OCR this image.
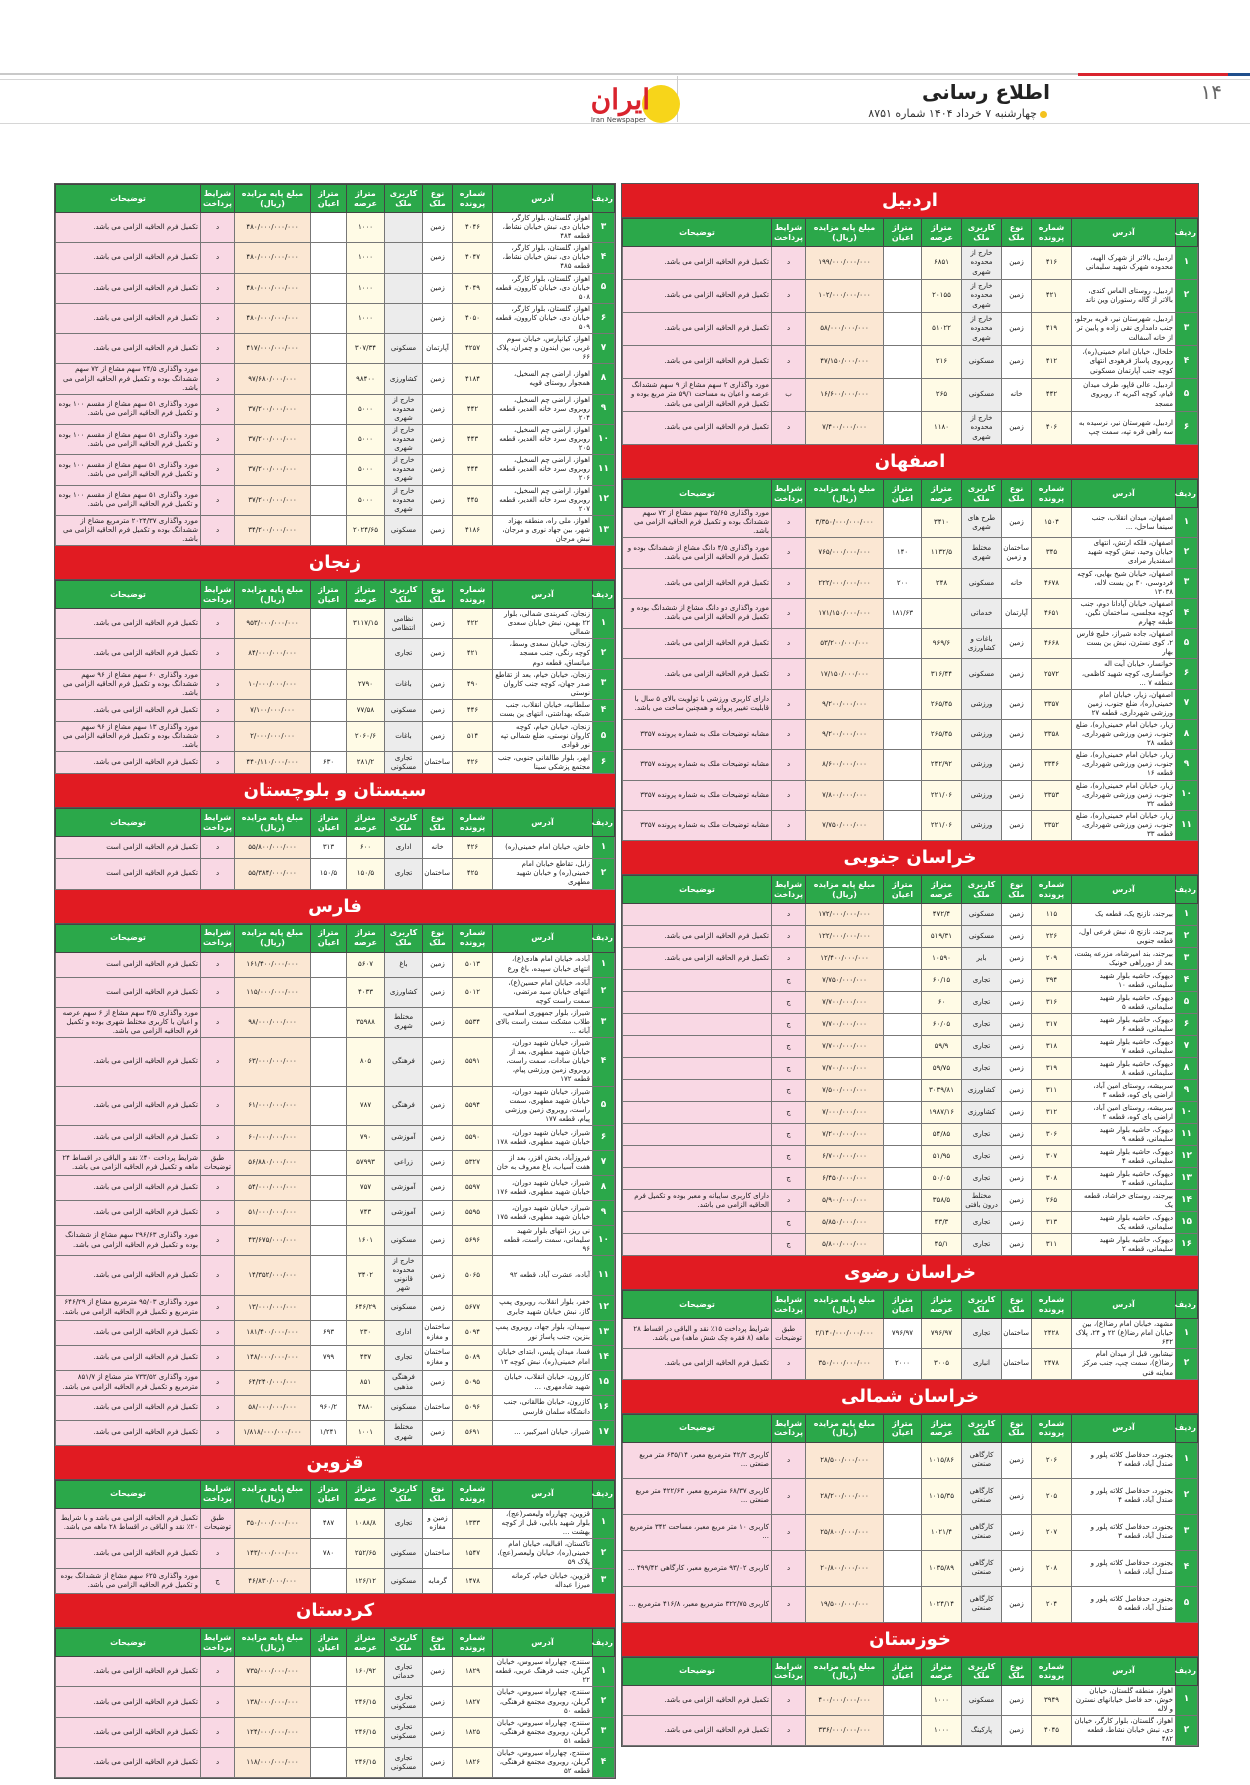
۱۴
اطلاع رسانی
چهارشنبه ۷ خرداد ۱۴۰۴ شماره ۸۷۵۱
ایران
Iran Newspaper
اردبیل
ردیف	آدرس	شماره پرونده	نوع ملک	کاربری ملک	متراژ عرصه	متراژ اعیان	مبلغ پایه مزایده (ریال)	شرایط پرداخت	توضیحات
۱	اردبیل، بالاتر از شهرک الهیه، محدوده شهرک شهید سلیمانی	۴۱۶	زمین	خارج از محدوده شهری	۶۸۵۱		۱۹۹/۰۰۰/۰۰۰/۰۰۰	د	تکمیل فرم الحاقیه الزامی می باشد.
۲	اردبیل، روستای الماس کندی، بالاتر از گاله رستوران وین ناند	۴۲۱	زمین	خارج از محدوده شهری	۲۰۱۵۵		۱۰۲/۰۰۰/۰۰۰/۰۰۰	د	تکمیل فرم الحاقیه الزامی می باشد.
۳	اردبیل، شهرستان نیر، قریه برجلو، جنب دامداری نقی زاده و پایین تر از خانه آسفالت	۴۱۹	زمین	خارج از محدوده شهری	۵۱۰۲۲		۵۸/۰۰۰/۰۰۰/۰۰۰	د	تکمیل فرم الحاقیه الزامی می باشد.
۴	خلخال، خیابان امام خمینی(ره)، روبروی پاساژ فرهودی انتهای کوچه جنب آپارتمان مسکونی	۴۱۲	زمین	مسکونی	۲۱۶		۴۷/۱۵۰/۰۰۰/۰۰۰	د	تکمیل فرم الحاقیه الزامی می باشد.
۵	اردبیل، عالی قاپو، طرف میدان قیام، کوچه اکبریه ۲، روبروی مسجد	۴۴۲	خانه	مسکونی	۲۶۵		۱۶/۶۰۰/۰۰۰/۰۰۰	ب	مورد واگذاری ۲ سهم مشاع از ۹ سهم ششدانگ عرصه و اعیان به مساحت ۵۹/۱ متر مربع بوده و تکمیل فرم الحاقیه الزامی می باشد.
۶	اردبیل، شهرستان نیر، نرسیده به سه راهی قره تپه، سمت چپ	۴۰۶	زمین	خارج از محدوده شهری	۱۱۸۰		۷/۴۰۰/۰۰۰/۰۰۰	د	تکمیل فرم الحاقیه الزامی می باشد.
اصفهان
ردیف	آدرس	شماره پرونده	نوع ملک	کاربری ملک	متراژ عرصه	متراژ اعیان	مبلغ پایه مزایده (ریال)	شرایط پرداخت	توضیحات
۱	اصفهان، میدان انقلاب، جنب سینما ساحل، ...	۱۵۰۴	زمین	طرح های شهری	۳۴۱۰		۳/۳۵۰/۰۰۰/۰۰۰/۰۰۰	د	مورد واگذاری ۲۵/۶۵ سهم مشاع از ۷۲ سهم ششدانگ بوده و تکمیل فرم الحاقیه الزامی می باشد.
۲	اصفهان، فلکه ارتش، انتهای خیابان وحید، نبش کوچه شهید اسفندیار مرادی	۳۴۵	ساختمان و زمین	مختلط شهری	۱۱۳۲/۵	۱۴۰	۷۶۵/۰۰۰/۰۰۰/۰۰۰	د	مورد واگذاری ۴/۵ دانگ مشاع از ششدانگ بوده و تکمیل فرم الحاقیه الزامی می باشد.
۳	اصفهان، خیابان شیخ بهایی، کوچه فردوسی، ۳۰ بن بست لاله، ۱۳۰۳۸	۴۶۷۸	خانه	مسکونی	۲۴۸	۲۰۰	۲۲۲/۰۰۰/۰۰۰/۰۰۰	د	تکمیل فرم الحاقیه الزامی می باشد.
۴	اصفهان، خیابان آپادانا دوم، جنب کوچه مجلسی، ساختمان نگین، طبقه چهارم	۴۶۵۱	آپارتمان	خدماتی		۱۸۱/۶۳	۱۷۱/۱۵۰/۰۰۰/۰۰۰	د	مورد واگذاری دو دانگ مشاع از ششدانگ بوده و تکمیل فرم الحاقیه الزامی می باشد.
۵	اصفهان، جاده شیراز، خلیج فارس ۲، کوی نسترن، نبش بن بست بهار	۴۶۶۸	زمین	باغات و کشاورزی	۹۶۹/۶		۵۳/۲۰۰/۰۰۰/۰۰۰	د	تکمیل فرم الحاقیه الزامی می باشد.
۶	خوانسار، خیابان آیت اله خوانساری، کوچه شهید کاظمی، منطقه ۷ ...	۲۵۷۲	زمین	مسکونی	۳۱۶/۴۴		۱۷/۱۵۰/۰۰۰/۰۰۰	د	تکمیل فرم الحاقیه الزامی می باشد.
۷	اصفهان، زیار، خیابان امام خمینی(ره)، ضلع جنوب، زمین ورزشی شهرداری، قطعه ۲۷	۳۳۵۷	زمین	ورزشی	۲۶۵/۴۵		۹/۲۰۰/۰۰۰/۰۰۰	د	دارای کاربری ورزشی با تولویت بالای ۵ سال با قابلیت تغییر پروانه و همچنین ساخت می باشد.
۸	زیار، خیابان امام خمینی(ره)، ضلع جنوب، زمین ورزشی شهرداری، قطعه ۲۸	۳۳۵۸	زمین	ورزشی	۲۶۵/۴۵		۹/۲۰۰/۰۰۰/۰۰۰	د	مشابه توضیحات ملک به شماره پرونده ۳۳۵۷
۹	زیار، خیابان امام خمینی(ره)، ضلع جنوب، زمین ورزشی شهرداری، قطعه ۱۶	۳۳۴۶	زمین	ورزشی	۲۴۲/۹۲		۸/۶۰۰/۰۰۰/۰۰۰	د	مشابه توضیحات ملک به شماره پرونده ۳۳۵۷
۱۰	زیار، خیابان امام خمینی(ره)، ضلع جنوب، زمین ورزشی شهرداری، قطعه ۳۲	۳۳۵۳	زمین	ورزشی	۲۲۱/۰۶		۷/۸۰۰/۰۰۰/۰۰۰	د	مشابه توضیحات ملک به شماره پرونده ۳۳۵۷
۱۱	زیار، خیابان امام خمینی(ره)، ضلع جنوب، زمین ورزشی شهرداری، قطعه ۳۳	۳۳۵۲	زمین	ورزشی	۲۲۱/۰۶		۷/۷۵۰/۰۰۰/۰۰۰	د	مشابه توضیحات ملک به شماره پرونده ۳۳۵۷
خراسان جنوبی
ردیف	آدرس	شماره پرونده	نوع ملک	کاربری ملک	متراژ عرصه	متراژ اعیان	مبلغ پایه مزایده (ریال)	شرایط پرداخت	توضیحات
۱	بیرجند، نازنج یک، قطعه یک	۱۱۵	زمین	مسکونی	۴۷۲/۴		۱۷۲/۰۰۰/۰۰۰/۰۰۰	د	
۲	بیرجند، نازنج ۵، نبش فرعی اول، قطعه جنوبی	۲۲۶	زمین	مسکونی	۵۱۹/۳۱		۱۲۲/۰۰۰/۰۰۰/۰۰۰	د	تکمیل فرم الحاقیه الزامی می باشد.
۳	بیرجند، بند امیرشاه، مزرعه پشت، بعد از دورراهی خونیک	۲۰۹	زمین	بایر	۱۰۵۹۰		۱۲/۴۰۰/۰۰۰/۰۰۰	د	تکمیل فرم الحاقیه الزامی می باشد.
۴	دیهوک، حاشیه بلوار شهید سلیمانی، قطعه ۱۰	۳۹۴	زمین	تجاری	۶۰/۱۵		۷/۷۵۰/۰۰۰/۰۰۰	ج	
۵	دیهوک، حاشیه بلوار شهید سلیمانی، قطعه ۵	۳۱۶	زمین	تجاری	۶۰		۷/۷۰۰/۰۰۰/۰۰۰	ج	
۶	دیهوک، حاشیه بلوار شهید سلیمانی، قطعه ۶	۳۱۷	زمین	تجاری	۶۰/۰۵		۷/۷۰۰/۰۰۰/۰۰۰	ج	
۷	دیهوک، حاشیه بلوار شهید سلیمانی، قطعه ۷	۳۱۸	زمین	تجاری	۵۹/۹		۷/۷۰۰/۰۰۰/۰۰۰	ج	
۸	دیهوک، حاشیه بلوار شهید سلیمانی، قطعه ۸	۳۱۹	زمین	تجاری	۵۹/۷۵		۷/۷۰۰/۰۰۰/۰۰۰	ج	
۹	سربیشه، روستای امین آباد، اراضی پای کوه، قطعه ۳	۳۱۱	زمین	کشاورزی	۳۰۳۹/۸۱		۷/۵۰۰/۰۰۰/۰۰۰	ج	
۱۰	سربیشه، روستای امین آباد، اراضی پای کوه، قطعه ۲	۳۱۲	زمین	کشاورزی	۱۹۸۷/۱۶		۷/۰۰۰/۰۰۰/۰۰۰	ج	
۱۱	دیهوک، حاشیه بلوار شهید سلیمانی، قطعه ۹	۳۰۶	زمین	تجاری	۵۴/۸۵		۷/۲۰۰/۰۰۰/۰۰۰	ج	
۱۲	دیهوک، حاشیه بلوار شهید سلیمانی، قطعه ۴	۳۰۷	زمین	تجاری	۵۱/۹۵		۶/۷۰۰/۰۰۰/۰۰۰	ج	
۱۳	دیهوک، حاشیه بلوار شهید سلیمانی، قطعه ۳	۳۰۸	زمین	تجاری	۵۰/۰۵		۶/۴۵۰/۰۰۰/۰۰۰	ج	
۱۴	بیرجند، روستای خراشاد، قطعه یک	۲۶۵	زمین	مختلط درون بافتی	۳۵۸/۵		۵/۹۰۰/۰۰۰/۰۰۰	د	دارای کاربری سایبانه و معبر بوده و تکمیل فرم الحاقیه الزامی می باشد.
۱۵	دیهوک، حاشیه بلوار شهید سلیمانی، قطعه یک	۳۱۳	زمین	تجاری	۴۳/۳		۵/۸۵۰/۰۰۰/۰۰۰	ج	
۱۶	دیهوک، حاشیه بلوار شهید سلیمانی، قطعه ۲	۳۱۱	زمین	تجاری	۴۵/۱		۵/۸۰۰/۰۰۰/۰۰۰	ج	
خراسان رضوی
ردیف	آدرس	شماره پرونده	نوع ملک	کاربری ملک	متراژ عرصه	متراژ اعیان	مبلغ پایه مزایده (ریال)	شرایط پرداخت	توضیحات
۱	مشهد، خیابان امام رضا(ع)، بین خیابان امام رضا(ع) ۲۲ و ۲۴، پلاک ۶۴۲	۲۴۲۸	ساختمان	تجاری	۷۹۶/۹۷	۷۹۶/۹۷	۲/۱۴۰/۰۰۰/۰۰۰/۰۰۰	طبق توضیحات	شرایط پرداخت ۱۵٪ نقد و الباقی در اقساط ۲۸ ماهه (۸ فقره چک شش ماهه) می باشد.
۲	نیشابور، قبل از میدان امام رضا(ع)، سمت چپ، جنب مرکز معاینه فنی	۲۴۷۸	ساختمان	انباری	۳۰۰۵	۲۰۰۰	۳۵۰/۰۰۰/۰۰۰/۰۰۰	د	تکمیل فرم الحاقیه الزامی می باشد.
خراسان شمالی
ردیف	آدرس	شماره پرونده	نوع ملک	کاربری ملک	متراژ عرصه	متراژ اعیان	مبلغ پایه مزایده (ریال)	شرایط پرداخت	توضیحات
۱	بجنورد، حدفاصل کلاته پلور و صندل آباد، قطعه ۲	۲۰۶	زمین	کارگاهی صنعتی	۱۰۱۵/۸۶		۲۸/۵۰۰/۰۰۰/۰۰۰	د	کاربری ۴۲/۲ مترمربع معبر، ۶۳۵/۱۴ متر مربع صنعتی ...
۲	بجنورد، حدفاصل کلاته پلور و صندل آباد، قطعه ۴	۲۰۵	زمین	کارگاهی صنعتی	۱۰۱۵/۳۵		۲۸/۲۰۰/۰۰۰/۰۰۰	د	کاربری ۶۸/۳۷ مترمربع معبر، ۴۲۲/۶۳ متر مربع صنعتی ...
۳	بجنورد، حدفاصل کلاته پلور و صندل آباد، قطعه ۳	۲۰۷	زمین	کارگاهی صنعتی	۱۰۲۱/۴		۲۵/۸۰۰/۰۰۰/۰۰۰	د	کاربری ۱۰ متر مربع معبر، مساحت ۳۴۲ مترمربع ...
۴	بجنورد، حدفاصل کلاته پلور و صندل آباد، قطعه ۱	۲۰۸	زمین	کارگاهی صنعتی	۱۰۳۵/۸۹		۲۰/۸۰۰/۰۰۰/۰۰۰	د	کاربری ۹۳/۰۲ مترمربع معبر، کارگاهی ۴۹۹/۴۲ ...
۵	بجنورد، حدفاصل کلاته پلور و صندل آباد، قطعه ۵	۲۰۴	زمین	کارگاهی صنعتی	۱۰۲۴/۱۴		۱۹/۵۰۰/۰۰۰/۰۰۰	د	کاربری ۳۲۲/۷۵ مترمربع معبر، ۴۱۶/۸ مترمربع ...
خوزستان
ردیف	آدرس	شماره پرونده	نوع ملک	کاربری ملک	متراژ عرصه	متراژ اعیان	مبلغ پایه مزایده (ریال)	شرایط پرداخت	توضیحات
۱	اهواز، منطقه گلستان، خیابان خوش، حد فاصل خیابانهای نسترن و لاله	۳۹۴۹	زمین	مسکونی	۱۰۰۰		۴۰۰/۰۰۰/۰۰۰/۰۰۰	د	تکمیل فرم الحاقیه الزامی می باشد.
۲	اهواز، گلستان، بلوار کارگر، خیابان دی، نبش خیابان نشاط، قطعه ۴۸۲	۴۰۴۵	زمین	پارکینگ	۱۰۰۰		۳۳۶/۰۰۰/۰۰۰/۰۰۰	د	تکمیل فرم الحاقیه الزامی می باشد.
ردیف	آدرس	شماره پرونده	نوع ملک	کاربری ملک	متراژ عرصه	متراژ اعیان	مبلغ پایه مزایده (ریال)	شرایط پرداخت	توضیحات
۳	اهواز، گلستان، بلوار کارگر، خیابان دی، نبش خیابان نشاط، قطعه ۴۸۴	۴۰۴۶	زمین		۱۰۰۰		۴۸۰/۰۰۰/۰۰۰/۰۰۰	د	تکمیل فرم الحاقیه الزامی می باشد.
۴	اهواز، گلستان، بلوار کارگر، خیابان دی، نبش خیابان نشاط، قطعه ۴۸۵	۴۰۴۷	زمین		۱۰۰۰		۴۸۰/۰۰۰/۰۰۰/۰۰۰	د	تکمیل فرم الحاقیه الزامی می باشد.
۵	اهواز، گلستان، بلوار کارگر، خیابان دی، خیابان کاروون، قطعه ۵۰۸	۴۰۴۹	زمین		۱۰۰۰		۴۸۰/۰۰۰/۰۰۰/۰۰۰	د	تکمیل فرم الحاقیه الزامی می باشد.
۶	اهواز، گلستان، بلوار کارگر، خیابان دی، خیابان کاروون، قطعه ۵۰۹	۴۰۵۰	زمین		۱۰۰۰		۴۸۰/۰۰۰/۰۰۰/۰۰۰	د	تکمیل فرم الحاقیه الزامی می باشد.
۷	اهواز، کیانپارس، خیابان سوم غربی، بین ایندون و چمران، پلاک ۶۶	۴۲۵۷	آپارتمان	مسکونی	۳۰۷/۳۴		۴۱۷/۰۰۰/۰۰۰/۰۰۰	د	تکمیل فرم الحاقیه الزامی می باشد.
۸	اهواز، اراضی چم السخیل، همجوار روستای قویه	۴۱۸۴	زمین	کشاورزی	۹۸۴۰۰		۹۷/۶۸۰/۰۰۰/۰۰۰	د	مورد واگذاری ۲۴/۵ سهم مشاع از ۷۲ سهم ششدانگ بوده و تکمیل فرم الحاقیه الزامی می باشد.
۹	اهواز، اراضی چم السخیل، روبروی سرد خانه الغدیر، قطعه ۲۰۴	۴۴۲	زمین	خارج از محدوده شهری	۵۰۰۰		۳۷/۲۰۰/۰۰۰/۰۰۰	د	مورد واگذاری ۵۱ سهم مشاع از مقسم ۱۰۰ بوده و تکمیل فرم الحاقیه الزامی می باشد.
۱۰	اهواز، اراضی چم السخیل، روبروی سرد خانه الغدیر، قطعه ۲۰۵	۴۴۳	زمین	خارج از محدوده شهری	۵۰۰۰		۳۷/۲۰۰/۰۰۰/۰۰۰	د	مورد واگذاری ۵۱ سهم مشاع از مقسم ۱۰۰ بوده و تکمیل فرم الحاقیه الزامی می باشد.
۱۱	اهواز، اراضی چم السخیل، روبروی سرد خانه الغدیر، قطعه ۲۰۶	۴۴۴	زمین	خارج از محدوده شهری	۵۰۰۰		۳۷/۲۰۰/۰۰۰/۰۰۰	د	مورد واگذاری ۵۱ سهم مشاع از مقسم ۱۰۰ بوده و تکمیل فرم الحاقیه الزامی می باشد.
۱۲	اهواز، اراضی چم السخیل، روبروی سرد خانه الغدیر، قطعه ۲۰۷	۴۴۵	زمین	خارج از محدوده شهری	۵۰۰۰		۳۷/۲۰۰/۰۰۰/۰۰۰	د	مورد واگذاری ۵۱ سهم مشاع از مقسم ۱۰۰ بوده و تکمیل فرم الحاقیه الزامی می باشد.
۱۳	اهواز، ملی راه، منطقه بهزاد شهر، بین جهاد نوری و مرجان، نبش مرجان	۴۱۸۶	زمین	مسکونی	۲۰۲۴/۶۵		۳۴/۲۰۰/۰۰۰/۰۰۰	د	مورد واگذاری ۲۰۲۴/۳۷ مترمربع مشاع از ششدانگ بوده و تکمیل فرم الحاقیه الزامی می باشد.
زنجان
ردیف	آدرس	شماره پرونده	نوع ملک	کاربری ملک	متراژ عرصه	متراژ اعیان	مبلغ پایه مزایده (ریال)	شرایط پرداخت	توضیحات
۱	زنجان، کمربندی شمالی، بلوار ۲۲ بهمن، نبش خیابان سعدی شمالی	۴۲۲	زمین	نظامی انتظامی	۳۱۱۷/۱۵		۹۵۳/۰۰۰/۰۰۰/۰۰۰	د	تکمیل فرم الحاقیه الزامی می باشد.
۲	زنجان، خیابان سعدی وسط، کوچه رنگی، جنب مسجد میانساق، قطعه دوم	۴۲۱	زمین	تجاری			۸۴/۰۰۰/۰۰۰/۰۰۰	د	تکمیل فرم الحاقیه الزامی می باشد.
۳	زنجان، خیابان خیام، بعد از تقاطع صدر جهان، کوچه جنب کاروان نوستی	۴۹۰	زمین	باغات	۲۷۹۰		۱۰/۰۰۰/۰۰۰/۰۰۰	د	مورد واگذاری ۶۰ سهم مشاع از ۹۶ سهم ششدانگ بوده و تکمیل فرم الحاقیه الزامی می باشد.
۴	سلطانیه، خیابان انقلاب، جنب شبکه بهداشتی، انتهای بن بست	۴۴۶	زمین	مسکونی	۷۷/۵۸		۷/۱۰۰/۰۰۰/۰۰۰	د	تکمیل فرم الحاقیه الزامی می باشد.
۵	زنجان، خیابان خیام، کوچه کاروان نوستی، ضلع شمالی تپه نور قوادی	۵۱۴	زمین	باغات	۲۰۶۰/۶		۲/۰۰۰/۰۰۰/۰۰۰	د	مورد واگذاری ۱۳ سهم مشاع از ۹۶ سهم ششدانگ بوده و تکمیل فرم الحاقیه الزامی می باشد.
۶	ابهر، بلوار طالقانی جنوبی، جنب مجتمع پزشکی سینا	۴۲۶	ساختمان	تجاری مسکونی	۲۸۱/۲	۶۳۰	۴۴۰/۱۱۰/۰۰۰/۰۰۰	د	تکمیل فرم الحاقیه الزامی می باشد.
سیستان و بلوچستان
ردیف	آدرس	شماره پرونده	نوع ملک	کاربری ملک	متراژ عرصه	متراژ اعیان	مبلغ پایه مزایده (ریال)	شرایط پرداخت	توضیحات
۱	خاش، خیابان امام خمینی(ره)	۴۲۶	خانه	اداری	۶۰۰	۳۱۳	۵۵/۸۰۰/۰۰۰/۰۰۰	د	تکمیل فرم الحاقیه الزامی است
۲	زابل، تقاطع خیابان امام خمینی(ره) و خیابان شهید مطهری	۴۲۵	ساختمان	تجاری	۱۵۰/۵	۱۵۰/۵	۵۵/۳۸۴/۰۰۰/۰۰۰	د	تکمیل فرم الحاقیه الزامی است
فارس
ردیف	آدرس	شماره پرونده	نوع ملک	کاربری ملک	متراژ عرصه	متراژ اعیان	مبلغ پایه مزایده (ریال)	شرایط پرداخت	توضیحات
۱	آباده، خیابان امام هادی(ع)، انتهای خیابان سپیده، باغ ورع	۵۰۱۳	زمین	باغ	۵۶۰۷		۱۶۱/۴۰۰/۰۰۰/۰۰۰	د	تکمیل فرم الحاقیه الزامی است
۲	آباده، خیابان امام حسین(ع)، انتهای خیابان سید مرتضی، سمت راست کوچه	۵۰۱۲	زمین	کشاورزی	۴۰۳۳		۱۱۵/۰۰۰/۰۰۰/۰۰۰	د	تکمیل فرم الحاقیه الزامی است
۳	شیراز، بلوار جمهوری اسلامی، طلاب مشکت سمت راست بالای آبانه ...	۵۵۳۴	زمین	مختلط شهری	۳۵۹۸۸		۹۸/۰۰۰/۰۰۰/۰۰۰	د	مورد واگذاری ۳/۵ سهم مشاع از ۶ سهم عرصه و اعیان با کاربری مختلط شهری بوده و تکمیل فرم الحاقیه الزامی می باشد.
۴	شیراز، خیابان شهید دوران، خیابان شهید مطهری، بعد از خیابان سادات، سمت راست، روبروی زمین ورزشی پیام، قطعه ۱۷۲	۵۵۹۱	زمین	فرهنگی	۸۰۵		۶۳/۰۰۰/۰۰۰/۰۰۰	د	تکمیل فرم الحاقیه الزامی می باشد.
۵	شیراز، خیابان شهید دوران، خیابان شهید مطهری، سمت راست، روبروی زمین ورزشی پیام، قطعه ۱۷۷	۵۵۹۴	زمین	فرهنگی	۷۸۷		۶۱/۰۰۰/۰۰۰/۰۰۰	د	تکمیل فرم الحاقیه الزامی می باشد.
۶	شیراز، خیابان شهید دوران، خیابان شهید مطهری، قطعه ۱۷۸	۵۵۹۰	زمین	آموزشی	۷۹۰		۶۰/۰۰۰/۰۰۰/۰۰۰	د	تکمیل فرم الحاقیه الزامی می باشد.
۷	فیروزآباد، بخش افزر، بعد از هفت آسیاب، باغ معروف به خان	۵۳۲۷	زمین	زراعی	۵۷۹۹۳		۵۶/۸۸۰/۰۰۰/۰۰۰	طبق توضیحات	شرایط پرداخت ۴۰٪ نقد و الباقی در اقساط ۲۴ ماهه و تکمیل فرم الحاقیه الزامی می باشد.
۸	شیراز، خیابان شهید دوران، خیابان شهید مطهری، قطعه ۱۷۶	۵۵۹۷	زمین	آموزشی	۷۵۷		۵۴/۰۰۰/۰۰۰/۰۰۰	د	تکمیل فرم الحاقیه الزامی می باشد.
۹	شیراز، خیابان شهید دوران، خیابان شهید مطهری، قطعه ۱۷۵	۵۵۹۵	زمین	آموزشی	۷۴۳		۵۱/۰۰۰/۰۰۰/۰۰۰	د	تکمیل فرم الحاقیه الزامی می باشد.
۱۰	نی ریز، انتهای بلوار شهید سلیمانی، سمت راست، قطعه ۹۶	۵۶۹۶	زمین	مسکونی	۱۶۰۱		۴۳/۶۷۵/۰۰۰/۰۰۰	د	مورد واگذاری ۲۹۶/۶۳ سهم مشاع از ششدانگ بوده و تکمیل فرم الحاقیه الزامی می باشد.
۱۱	آباده، عشرت آباد، قطعه ۹۲	۵۰۶۵	زمین	خارج از محدوده قانونی شهر	۳۴۰۲		۱۴/۳۵۲/۰۰۰/۰۰۰	د	تکمیل فرم الحاقیه الزامی می باشد.
۱۲	خفر، بلوار انقلاب، روبروی پمپ گاز، نبش خیابان شهید جابری	۵۶۷۷	زمین	مسکونی	۶۴۶/۲۹		۱۳/۰۰۰/۰۰۰/۰۰۰	د	مورد واگذاری ۹۵/۰۳ مترمربع مشاع از ۶۴۶/۲۹ مترمربع و تکمیل فرم الحاقیه الزامی می باشد.
۱۳	سپیدان، بلوار جهاد، روبروی پمپ بنزین، جنب پاساژ نور	۵۰۹۴	ساختمان و مغازه	اداری	۲۳۰	۶۹۳	۱۸۱/۴۰۰/۰۰۰/۰۰۰	د	تکمیل فرم الحاقیه الزامی می باشد.
۱۴	فسا، میدان پلیس، ابتدای خیابان امام خمینی(ره)، نبش کوچه ۱۳	۵۰۸۹	ساختمان و مغازه	تجاری	۴۳۷	۷۹۹	۱۴۸/۰۰۰/۰۰۰/۰۰۰	د	تکمیل فرم الحاقیه الزامی می باشد.
۱۵	کازرون، خیابان انقلاب، خیابان شهید شادمهری، ...	۵۰۹۵	زمین	فرهنگی مذهبی	۸۵۱		۶۴/۲۴۰/۰۰۰/۰۰۰	د	مورد واگذاری ۷۳۳/۵۲ متر مشاع از ۸۵۱/۷ مترمربع و تکمیل فرم الحاقیه الزامی می باشد.
۱۶	کازرون، خیابان طالقانی، جنب دانشگاه سلمان فارسی	۵۰۹۶	ساختمان	مسکونی	۴۸۸۰	۹۶۰/۲	۵۸/۰۰۰/۰۰۰/۰۰۰	د	تکمیل فرم الحاقیه الزامی می باشد.
۱۷	شیراز، خیابان امیرکبیر، ...	۵۶۹۱	زمین	مختلط شهری	۱۰۰۱	۱/۲۴۱	۱/۸۱۸/۰۰۰/۰۰۰/۰۰۰	د	تکمیل فرم الحاقیه الزامی می باشد.
قزوین
ردیف	آدرس	شماره پرونده	نوع ملک	کاربری ملک	متراژ عرصه	متراژ اعیان	مبلغ پایه مزایده (ریال)	شرایط پرداخت	توضیحات
۱	قزوین، چهارراه ولیعصر(عج)، بلوار شهید بابایی، قبل از کوچه بهشت ...	۱۳۳۳	زمین و مغازه	تجاری	۱۰۸۸/۸	۴۸۷	۳۵۰/۰۰۰/۰۰۰/۰۰۰	طبق توضیحات	تکمیل فرم الحاقیه الزامی می باشد و با شرایط ۲۰٪ نقد و الباقی در اقساط ۲۸ ماهه می باشد.
۲	تاکستان، اقبالیه، خیابان امام خمینی(ره)، خیابان ولیعصر(عج)، پلاک ۵۹	۱۵۴۷	ساختمان	مسکونی	۲۵۲/۶۵	۷۸۰	۱۴۳/۰۰۰/۰۰۰/۰۰۰	د	تکمیل فرم الحاقیه الزامی می باشد.
۳	قزوین، خیابان خیام، کرمانه میرزا عبداله	۱۴۷۸	گرمابه	مسکونی	۱۲۶/۱۲		۴۶/۸۳۰/۰۰۰/۰۰۰	ج	مورد واگذاری ۶۲۵ سهم مشاع از ششدانگ بوده و تکمیل فرم الحاقیه الزامی می باشد.
کردستان
ردیف	آدرس	شماره پرونده	نوع ملک	کاربری ملک	متراژ عرصه	متراژ اعیان	مبلغ پایه مزایده (ریال)	شرایط پرداخت	توضیحات
۱	سنندج، چهارراه سیروس، خیابان گریلن، جنب فرهنگ عربی، قطعه ۲۲	۱۸۲۹	زمین	تجاری خدماتی	۱۶۰/۹۲		۷۳۵/۰۰۰/۰۰۰/۰۰۰	د	تکمیل فرم الحاقیه الزامی می باشد.
۲	سنندج، چهارراه سیروس، خیابان گریلن، روبروی مجتمع فرهنگی، قطعه ۵۰	۱۸۲۷	زمین	تجاری مسکونی	۲۴۶/۱۵		۱۳۸/۰۰۰/۰۰۰/۰۰۰	د	تکمیل فرم الحاقیه الزامی می باشد.
۳	سنندج، چهارراه سیروس، خیابان گریلن، روبروی مجتمع فرهنگی، قطعه ۵۱	۱۸۲۵	زمین	تجاری مسکونی	۲۴۶/۱۵		۱۲۴/۰۰۰/۰۰۰/۰۰۰	د	تکمیل فرم الحاقیه الزامی می باشد.
۴	سنندج، چهارراه سیروس، خیابان گریلن، روبروی مجتمع فرهنگی، قطعه ۵۲	۱۸۲۶	زمین	تجاری مسکونی	۲۴۶/۱۵		۱۱۸/۰۰۰/۰۰۰/۰۰۰	د	تکمیل فرم الحاقیه الزامی می باشد.
